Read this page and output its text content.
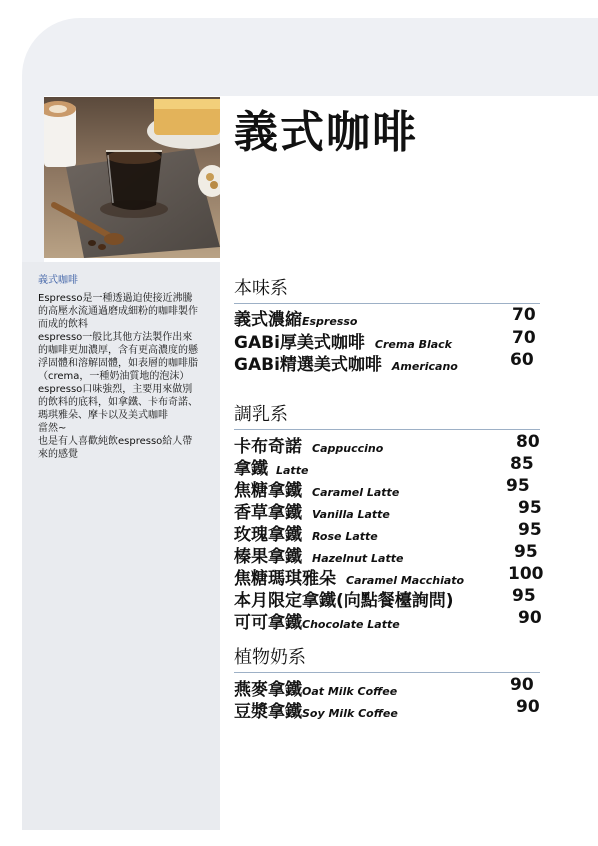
義式咖啡
義式咖啡
Espresso是一種透過迫使接近沸騰
的高壓水流通過磨成細粉的咖啡製作
而成的飲料
espresso一般比其他方法製作出來
的咖啡更加濃厚，含有更高濃度的懸
浮固體和溶解固體，如表層的咖啡脂
（crema，一種奶油質地的泡沫）
espresso口味強烈，主要用來做別
的飲料的底料，如拿鐵、卡布奇諾、
瑪琪雅朵、摩卡以及美式咖啡
當然~
也是有人喜歡純飲espresso給人帶
來的感覺
本味系
義式濃縮 Espresso	70
GABi厚美式咖啡 Crema Black	70
GABi精選美式咖啡 Americano	60
調乳系
卡布奇諾 Cappuccino	80
拿鐵 Latte	85
焦糖拿鐵 Caramel Latte	95
香草拿鐵 Vanilla Latte	95
玫瑰拿鐵 Rose Latte	95
榛果拿鐵 Hazelnut Latte	95
焦糖瑪琪雅朵 Caramel Macchiato	100
本月限定拿鐵(向點餐檯詢問)	95
可可拿鐵 Chocolate Latte	90
植物奶系
燕麥拿鐵 Oat Milk Coffee	90
豆漿拿鐵 Soy Milk Coffee	90
